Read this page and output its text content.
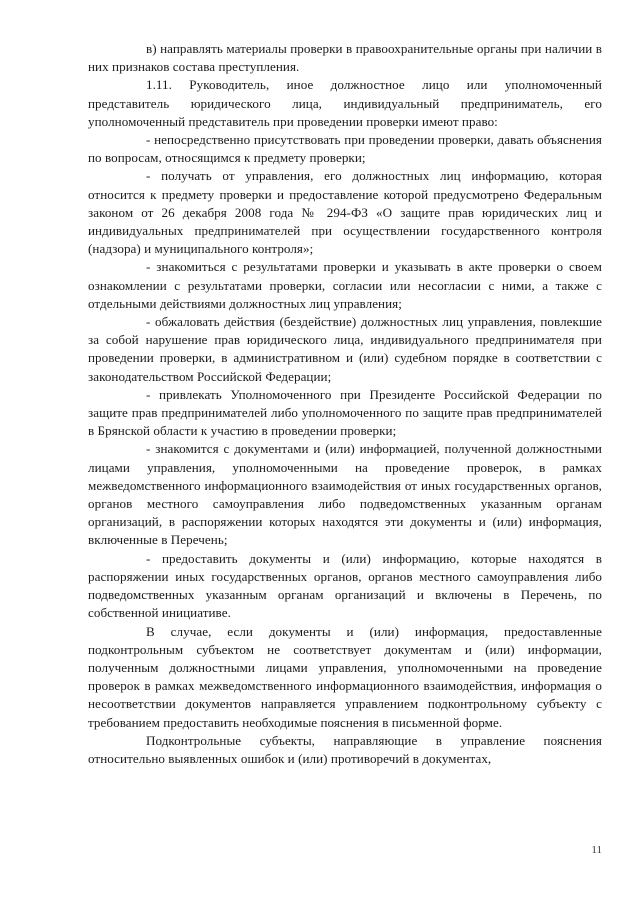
в) направлять материалы проверки в правоохранительные органы при наличии в них признаков состава преступления.

1.11. Руководитель, иное должностное лицо или уполномоченный представитель юридического лица, индивидуальный предприниматель, его уполномоченный представитель при проведении проверки имеют право:

- непосредственно присутствовать при проведении проверки, давать объяснения по вопросам, относящимся к предмету проверки;

- получать от управления, его должностных лиц информацию, которая относится к предмету проверки и предоставление которой предусмотрено Федеральным законом от 26 декабря 2008 года № 294-ФЗ «О защите прав юридических лиц и индивидуальных предпринимателей при осуществлении государственного контроля (надзора) и муниципального контроля»;

- знакомиться с результатами проверки и указывать в акте проверки о своем ознакомлении с результатами проверки, согласии или несогласии с ними, а также с отдельными действиями должностных лиц управления;

- обжаловать действия (бездействие) должностных лиц управления, повлекшие за собой нарушение прав юридического лица, индивидуального предпринимателя при проведении проверки, в административном и (или) судебном порядке в соответствии с законодательством Российской Федерации;

- привлекать Уполномоченного при Президенте Российской Федерации по защите прав предпринимателей либо уполномоченного по защите прав предпринимателей в Брянской области к участию в проведении проверки;

- знакомится с документами и (или) информацией, полученной должностными лицами управления, уполномоченными на проведение проверок, в рамках межведомственного информационного взаимодействия от иных государственных органов, органов местного самоуправления либо подведомственных указанным органам организаций, в распоряжении которых находятся эти документы и (или) информация, включенные в Перечень;

- предоставить документы и (или) информацию, которые находятся в распоряжении иных государственных органов, органов местного самоуправления либо подведомственных указанным органам организаций и включены в Перечень, по собственной инициативе.

В случае, если документы и (или) информация, предоставленные подконтрольным субъектом не соответствует документам и (или) информации, полученным должностными лицами управления, уполномоченными на проведение проверок в рамках межведомственного информационного взаимодействия, информация о несоответствии документов направляется управлением подконтрольному субъекту с требованием предоставить необходимые пояснения в письменной форме.

Подконтрольные субъекты, направляющие в управление пояснения относительно выявленных ошибок и (или) противоречий в документах,

11
